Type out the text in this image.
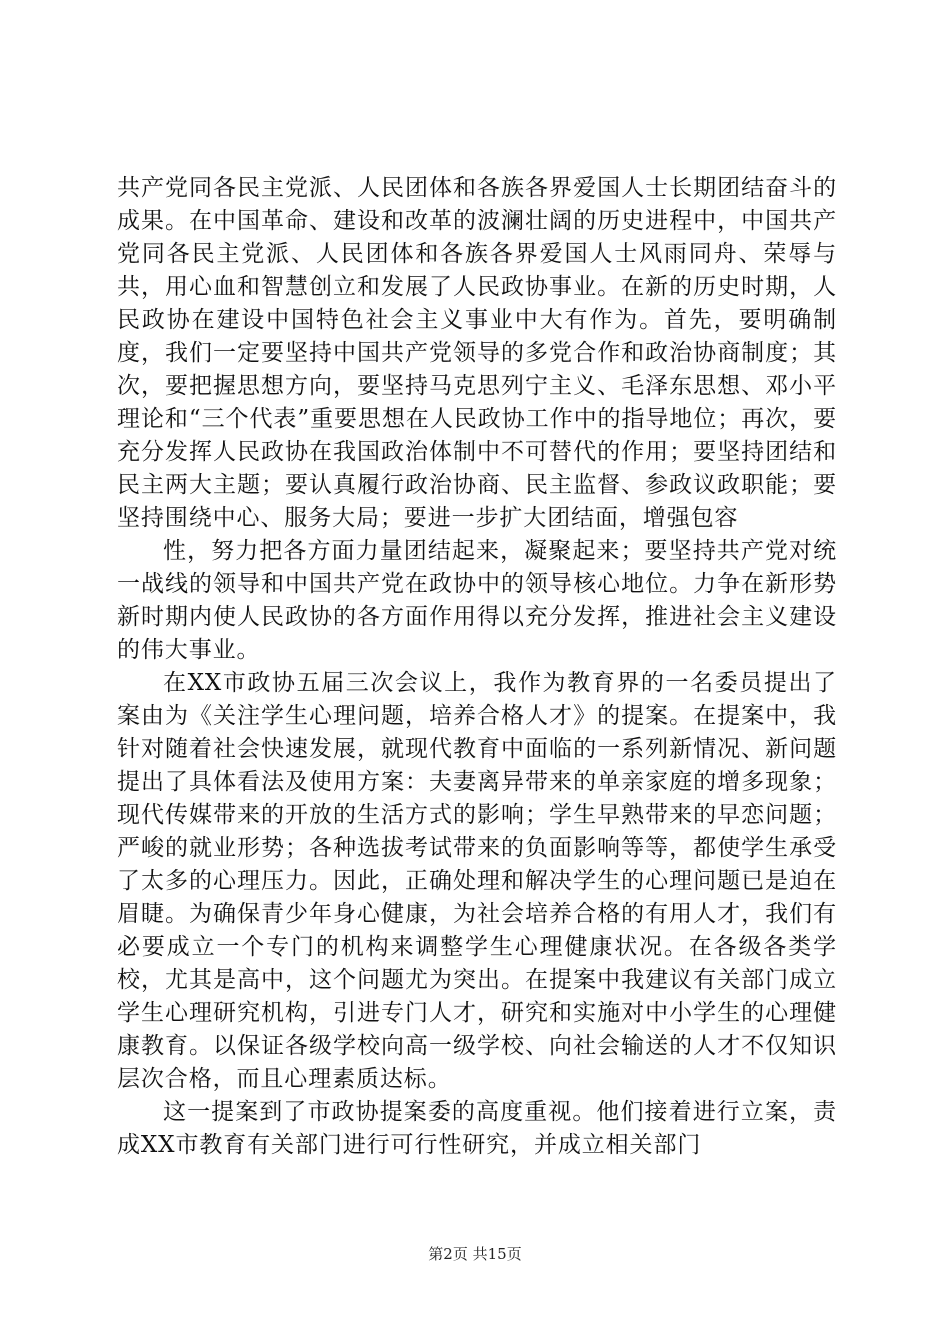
共产党同各民主党派、人民团体和各族各界爱国人士长期团结奋斗的成果。在中国革命、建设和改革的波澜壮阔的历史进程中，中国共产党同各民主党派、人民团体和各族各界爱国人士风雨同舟、荣辱与共，用心血和智慧创立和发展了人民政协事业。在新的历史时期，人民政协在建设中国特色社会主义事业中大有作为。首先，要明确制度，我们一定要坚持中国共产党领导的多党合作和政治协商制度；其次，要把握思想方向，要坚持马克思列宁主义、毛泽东思想、邓小平理论和“三个代表”重要思想在人民政协工作中的指导地位；再次，要充分发挥人民政协在我国政治体制中不可替代的作用；要坚持团结和民主两大主题；要认真履行政治协商、民主监督、参政议政职能；要坚持围绕中心、服务大局；要进一步扩大团结面，增强包容

性，努力把各方面力量团结起来，凝聚起来；要坚持共产党对统一战线的领导和中国共产党在政协中的领导核心地位。力争在新形势新时期内使人民政协的各方面作用得以充分发挥，推进社会主义建设的伟大事业。

在XX市政协五届三次会议上，我作为教育界的一名委员提出了案由为《关注学生心理问题，培养合格人才》的提案。在提案中，我针对随着社会快速发展，就现代教育中面临的一系列新情况、新问题提出了具体看法及使用方案：夫妻离异带来的单亲家庭的增多现象；现代传媒带来的开放的生活方式的影响；学生早熟带来的早恋问题；严峻的就业形势；各种选拔考试带来的负面影响等等，都使学生承受了太多的心理压力。因此，正确处理和解决学生的心理问题已是迫在眉睫。为确保青少年身心健康，为社会培养合格的有用人才，我们有必要成立一个专门的机构来调整学生心理健康状况。在各级各类学校，尤其是高中，这个问题尤为突出。在提案中我建议有关部门成立学生心理研究机构，引进专门人才，研究和实施对中小学生的心理健康教育。以保证各级学校向高一级学校、向社会输送的人才不仅知识层次合格，而且心理素质达标。

这一提案到了市政协提案委的高度重视。他们接着进行立案，责成XX市教育有关部门进行可行性研究，并成立相关部门

第2页 共15页
